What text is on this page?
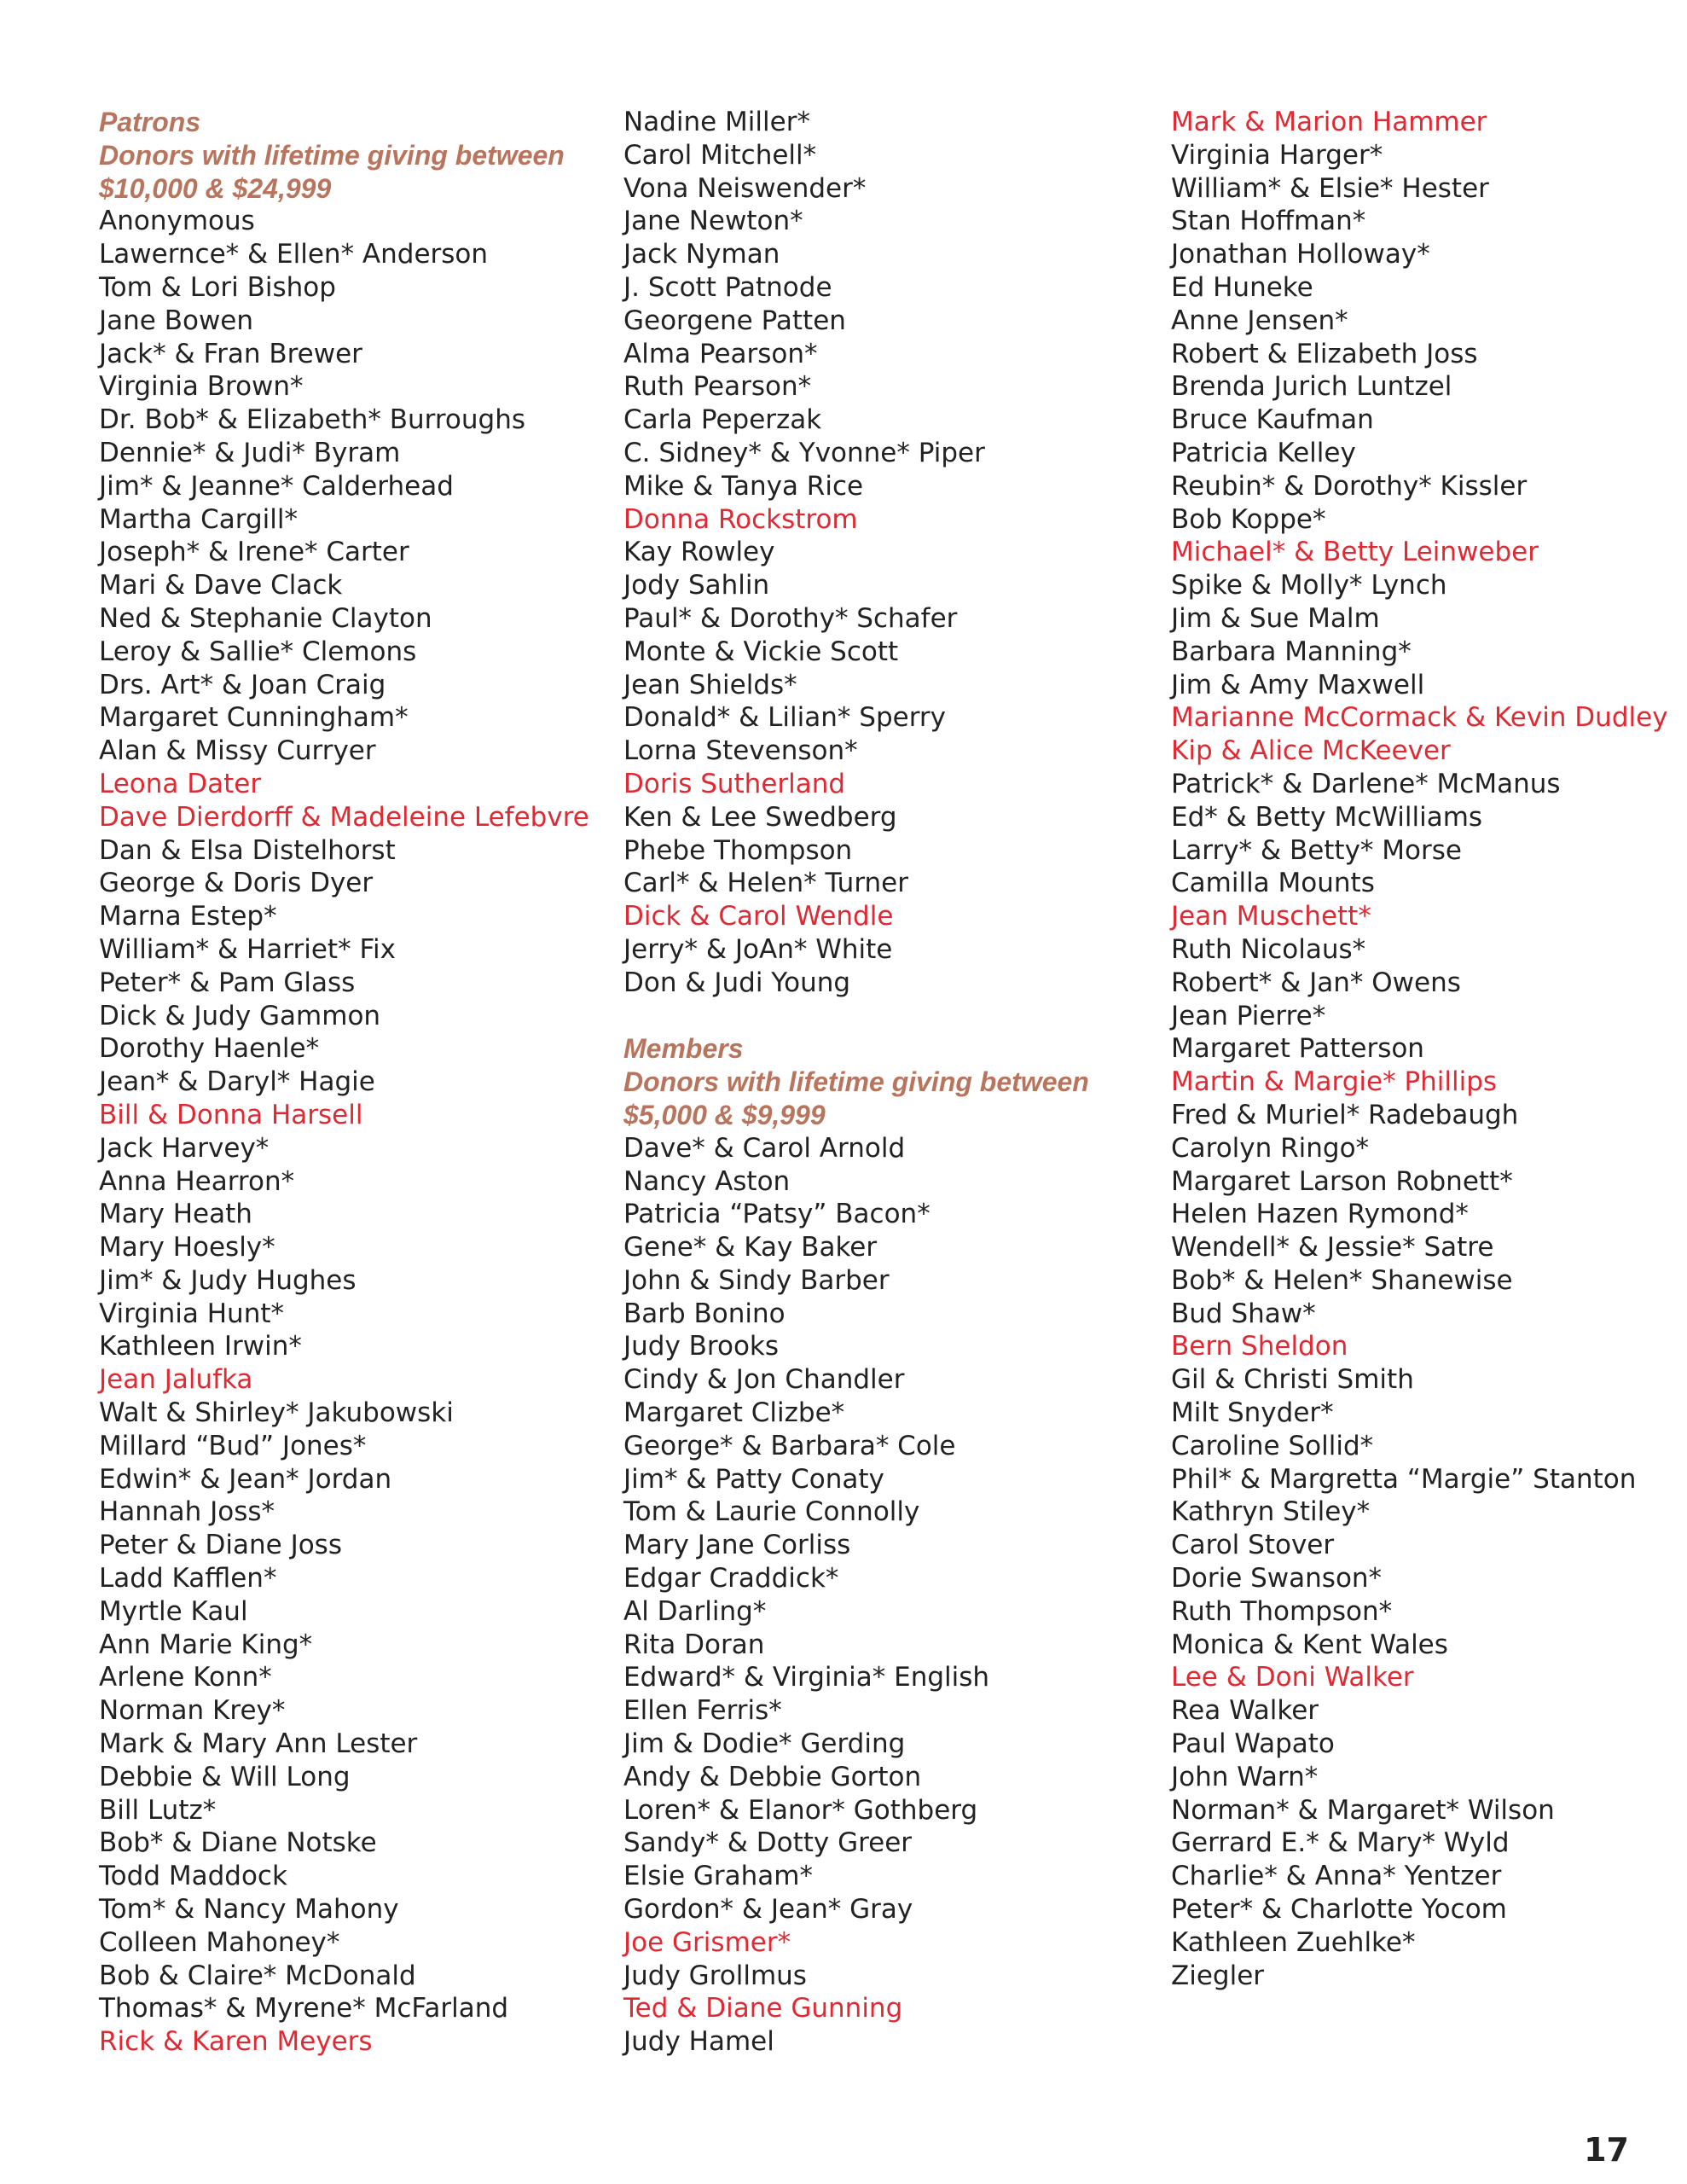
Patrons
Donors with lifetime giving between
$10,000 & $24,999
Anonymous
Lawernce* & Ellen* Anderson
Tom & Lori Bishop
Jane Bowen
Jack* & Fran Brewer
Virginia Brown*
Dr. Bob* & Elizabeth* Burroughs
Dennie* & Judi* Byram
Jim* & Jeanne* Calderhead
Martha Cargill*
Joseph* & Irene* Carter
Mari & Dave Clack
Ned & Stephanie Clayton
Leroy & Sallie* Clemons
Drs. Art* & Joan Craig
Margaret Cunningham*
Alan & Missy Curryer
Leona Dater
Dave Dierdorff & Madeleine Lefebvre
Dan & Elsa Distelhorst
George & Doris Dyer
Marna Estep*
William* & Harriet* Fix
Peter* & Pam Glass
Dick & Judy Gammon
Dorothy Haenle*
Jean* & Daryl* Hagie
Bill & Donna Harsell
Jack Harvey*
Anna Hearron*
Mary Heath
Mary Hoesly*
Jim* & Judy Hughes
Virginia Hunt*
Kathleen Irwin*
Jean Jalufka
Walt & Shirley* Jakubowski
Millard “Bud” Jones*
Edwin* & Jean* Jordan
Hannah Joss*
Peter & Diane Joss
Ladd Kafflen*
Myrtle Kaul
Ann Marie King*
Arlene Konn*
Norman Krey*
Mark & Mary Ann Lester
Debbie & Will Long
Bill Lutz*
Bob* & Diane Notske
Todd Maddock
Tom* & Nancy Mahony
Colleen Mahoney*
Bob & Claire* McDonald
Thomas* & Myrene* McFarland
Rick & Karen Meyers
Nadine Miller*
Carol Mitchell*
Vona Neiswender*
Jane Newton*
Jack Nyman
J. Scott Patnode
Georgene Patten
Alma Pearson*
Ruth Pearson*
Carla Peperzak
C. Sidney* & Yvonne* Piper
Mike & Tanya Rice
Donna Rockstrom
Kay Rowley
Jody Sahlin
Paul* & Dorothy* Schafer
Monte & Vickie Scott
Jean Shields*
Donald* & Lilian* Sperry
Lorna Stevenson*
Doris Sutherland
Ken & Lee Swedberg
Phebe Thompson
Carl* & Helen* Turner
Dick & Carol Wendle
Jerry* & JoAn* White
Don & Judi Young
Members
Donors with lifetime giving between
$5,000 & $9,999
Dave* & Carol Arnold
Nancy Aston
Patricia “Patsy” Bacon*
Gene* & Kay Baker
John & Sindy Barber
Barb Bonino
Judy Brooks
Cindy & Jon Chandler
Margaret Clizbe*
George* & Barbara* Cole
Jim* & Patty Conaty
Tom & Laurie Connolly
Mary Jane Corliss
Edgar Craddick*
Al Darling*
Rita Doran
Edward* & Virginia* English
Ellen Ferris*
Jim & Dodie* Gerding
Andy & Debbie Gorton
Loren* & Elanor* Gothberg
Sandy* & Dotty Greer
Elsie Graham*
Gordon* & Jean* Gray
Joe Grismer*
Judy Grollmus
Ted & Diane Gunning
Judy Hamel
Mark & Marion Hammer
Virginia Harger*
William* & Elsie* Hester
Stan Hoffman*
Jonathan Holloway*
Ed Huneke
Anne Jensen*
Robert & Elizabeth Joss
Brenda Jurich Luntzel
Bruce Kaufman
Patricia Kelley
Reubin* & Dorothy* Kissler
Bob Koppe*
Michael* & Betty Leinweber
Spike & Molly* Lynch
Jim & Sue Malm
Barbara Manning*
Jim & Amy Maxwell
Marianne McCormack & Kevin Dudley
Kip & Alice McKeever
Patrick* & Darlene* McManus
Ed* & Betty McWilliams
Larry* & Betty* Morse
Camilla Mounts
Jean Muschett*
Ruth Nicolaus*
Robert* & Jan* Owens
Jean Pierre*
Margaret Patterson
Martin & Margie* Phillips
Fred & Muriel* Radebaugh
Carolyn Ringo*
Margaret Larson Robnett*
Helen Hazen Rymond*
Wendell* & Jessie* Satre
Bob* & Helen* Shanewise
Bud Shaw*
Bern Sheldon
Gil & Christi Smith
Milt Snyder*
Caroline Sollid*
Phil* & Margretta “Margie” Stanton
Kathryn Stiley*
Carol Stover
Dorie Swanson*
Ruth Thompson*
Monica & Kent Wales
Lee & Doni Walker
Rea Walker
Paul Wapato
John Warn*
Norman* & Margaret* Wilson
Gerrard E.* & Mary* Wyld
Charlie* & Anna* Yentzer
Peter* & Charlotte Yocom
Kathleen Zuehlke*
Ziegler
17
